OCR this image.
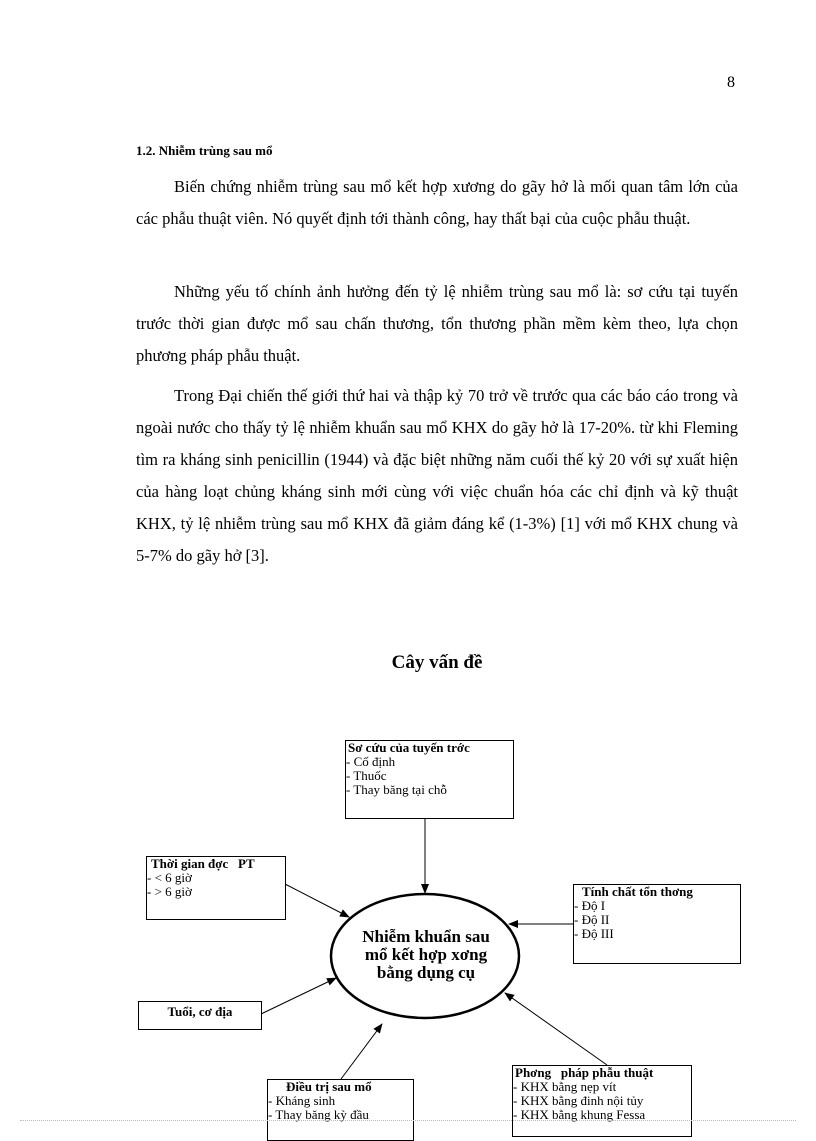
8
1.2. Nhiễm trùng sau mổ

Biến chứng nhiễm trùng sau mổ kết hợp xương do gãy hở là mối quan tâm lớn của các phẫu thuật viên. Nó quyết định tới thành công, hay thất bại của cuộc phẫu thuật.

Những yếu tố chính ảnh hưởng đến tỷ lệ nhiễm trùng sau mổ là: sơ cứu tại tuyến trước thời gian được mổ sau chấn thương, tổn thương phần mềm kèm theo, lựa chọn phương pháp phẫu thuật.

Trong Đại chiến thế giới thứ hai và thập kỷ 70 trở về trước qua các báo cáo trong và ngoài nước cho thấy tỷ lệ nhiễm khuẩn sau mổ KHX do gãy hở là 17-20%. từ khi Fleming tìm ra kháng sinh penicillin (1944) và đặc biệt những năm cuối thế kỷ 20 với sự xuất hiện của hàng loạt chủng kháng sinh mới cùng với việc chuẩn hóa các chỉ định và kỹ thuật KHX, tỷ lệ nhiễm trùng sau mổ KHX đã giảm đáng kể (1-3%) [1] với mổ KHX chung và 5-7% do gãy hở [3].

Cây vấn đề
Nhiễm khuẩn sau
mổ kết hợp xơng
bằng dụng cụ
Sơ cứu của tuyến trớc
- Cố định
- Thuốc
- Thay băng tại chỗ
Thời gian đợc   PT
- < 6 giờ
- > 6 giờ	Tính chất tổn thơng
- Độ I
- Độ II
- Độ III
Tuổi, cơ địa
Điều trị sau mổ
- Kháng sinh
- Thay băng kỳ đầu
Phơng   pháp phẫu thuật
- KHX bằng nẹp vít
- KHX bằng đinh nội tủy
- KHX bằng khung Fessa
